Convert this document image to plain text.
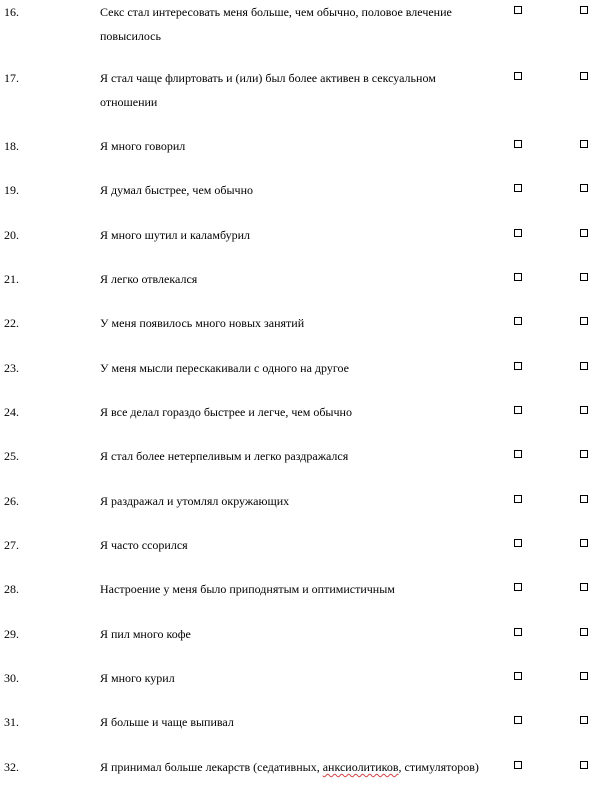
16.	Секс стал интересовать меня больше, чем обычно, половое влечение повысилось
17.	Я стал чаще флиртовать и (или) был более активен в сексуальном отношении
18.	Я много говорил
19.	Я думал быстрее, чем обычно
20.	Я много шутил и каламбурил
21.	Я легко отвлекался
22.	У меня появилось много новых занятий
23.	У меня мысли перескакивали с одного на другое
24.	Я все делал гораздо быстрее и легче, чем обычно
25.	Я стал более нетерпеливым и легко раздражался
26.	Я раздражал и утомлял окружающих
27.	Я часто ссорился
28.	Настроение у меня было приподнятым и оптимистичным
29.	Я пил много кофе
30.	Я много курил
31.	Я больше и чаще выпивал
32.	Я принимал больше лекарств (седативных, анксиолитиков, стимуляторов)
